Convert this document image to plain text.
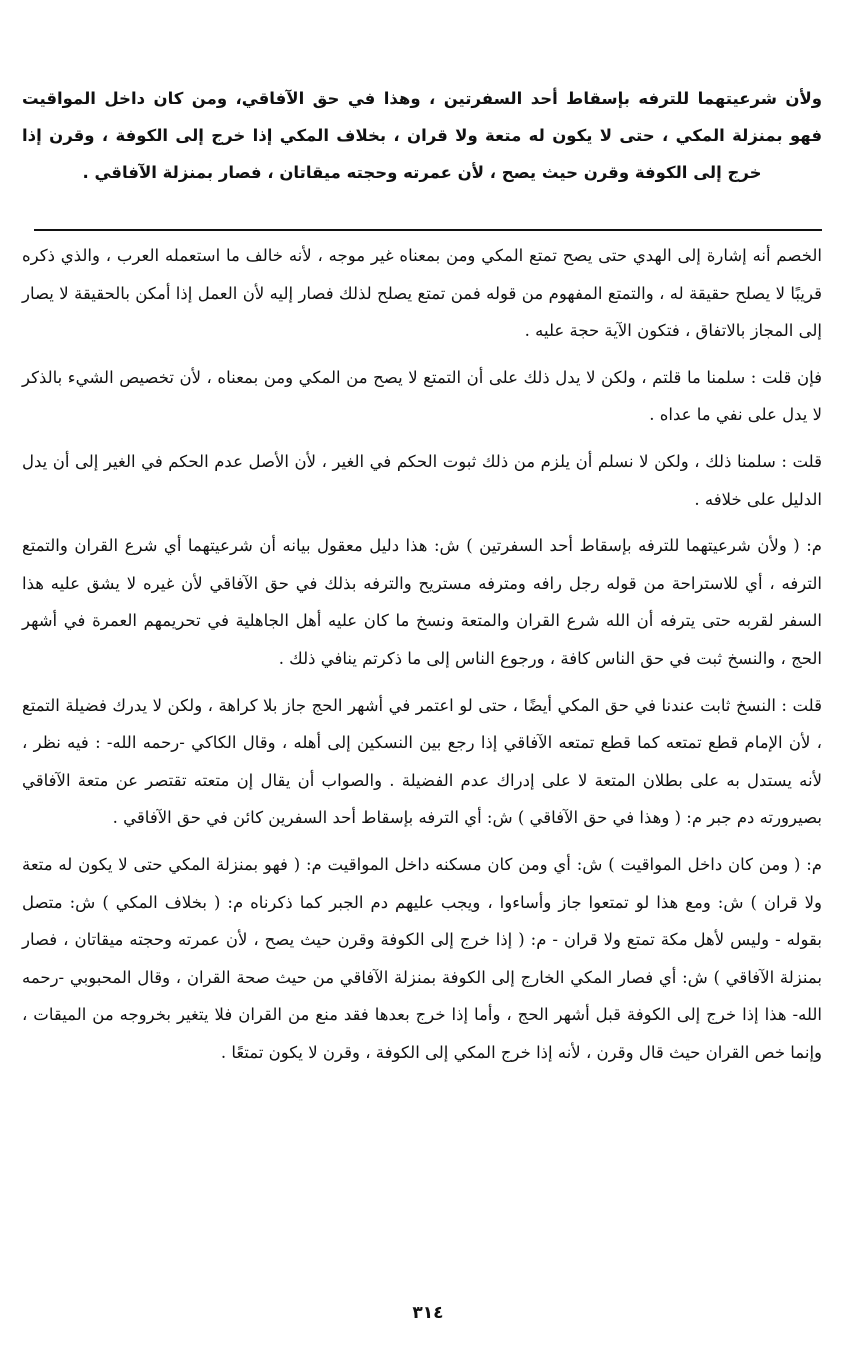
ولأن شرعيتهما للترفه بإسقاط أحد السفرتين ، وهذا في حق الآفاقي، ومن كان داخل المواقيت فهو بمنزلة المكي ، حتى لا يكون له متعة ولا قران ، بخلاف المكي إذا خرج إلى الكوفة ، وقرن إذا خرج إلى الكوفة وقرن حيث يصح ، لأن عمرته وحجته ميقاتان ، فصار بمنزلة الآفاقي .

الخصم أنه إشارة إلى الهدي حتى يصح تمتع المكي ومن بمعناه غير موجه ، لأنه خالف ما استعمله العرب ، والذي ذكره قريبًا لا يصلح حقيقة له ، والتمتع المفهوم من قوله فمن تمتع يصلح لذلك فصار إليه لأن العمل إذا أمكن بالحقيقة لا يصار إلى المجاز بالاتفاق ، فتكون الآية حجة عليه .

فإن قلت : سلمنا ما قلتم ، ولكن لا يدل ذلك على أن التمتع لا يصح من المكي ومن بمعناه ، لأن تخصيص الشيء بالذكر لا يدل على نفي ما عداه .

قلت : سلمنا ذلك ، ولكن لا نسلم أن يلزم من ذلك ثبوت الحكم في الغير ، لأن الأصل عدم الحكم في الغير إلى أن يدل الدليل على خلافه .

م: ( ولأن شرعيتهما للترفه بإسقاط أحد السفرتين ) ش: هذا دليل معقول بيانه أن شرعيتهما أي شرع القران والتمتع الترفه ، أي للاستراحة من قوله رجل رافه ومترفه مستريح والترفه بذلك في حق الآفاقي لأن غيره لا يشق عليه هذا السفر لقربه حتى يترفه أن الله شرع القران والمتعة ونسخ ما كان عليه أهل الجاهلية في تحريمهم العمرة في أشهر الحج ، والنسخ ثبت في حق الناس كافة ، ورجوع الناس إلى ما ذكرتم ينافي ذلك .

قلت : النسخ ثابت عندنا في حق المكي أيضًا ، حتى لو اعتمر في أشهر الحج جاز بلا كراهة ، ولكن لا يدرك فضيلة التمتع ، لأن الإمام قطع تمتعه كما قطع تمتعه الآفاقي إذا رجع بين النسكين إلى أهله ، وقال الكاكي -رحمه الله- : فيه نظر ، لأنه يستدل به على بطلان المتعة لا على إدراك عدم الفضيلة . والصواب أن يقال إن متعته تقتصر عن متعة الآفاقي بصيرورته دم جبر م: ( وهذا في حق الآفاقي ) ش: أي الترفه بإسقاط أحد السفرين كائن في حق الآفاقي .

م: ( ومن كان داخل المواقيت ) ش: أي ومن كان مسكنه داخل المواقيت م: ( فهو بمنزلة المكي حتى لا يكون له متعة ولا قران ) ش: ومع هذا لو تمتعوا جاز وأساءوا ، ويجب عليهم دم الجبر كما ذكرناه م: ( بخلاف المكي ) ش: متصل بقوله - وليس لأهل مكة تمتع ولا قران - م: ( إذا خرج إلى الكوفة وقرن حيث يصح ، لأن عمرته وحجته ميقاتان ، فصار بمنزلة الآفاقي ) ش: أي فصار المكي الخارج إلى الكوفة بمنزلة الآفاقي من حيث صحة القران ، وقال المحبوبي -رحمه الله- هذا إذا خرج إلى الكوفة قبل أشهر الحج ، وأما إذا خرج بعدها فقد منع من القران فلا يتغير بخروجه من الميقات ، وإنما خص القران حيث قال وقرن ، لأنه إذا خرج المكي إلى الكوفة ، وقرن لا يكون تمتعًا .

٣١٤
